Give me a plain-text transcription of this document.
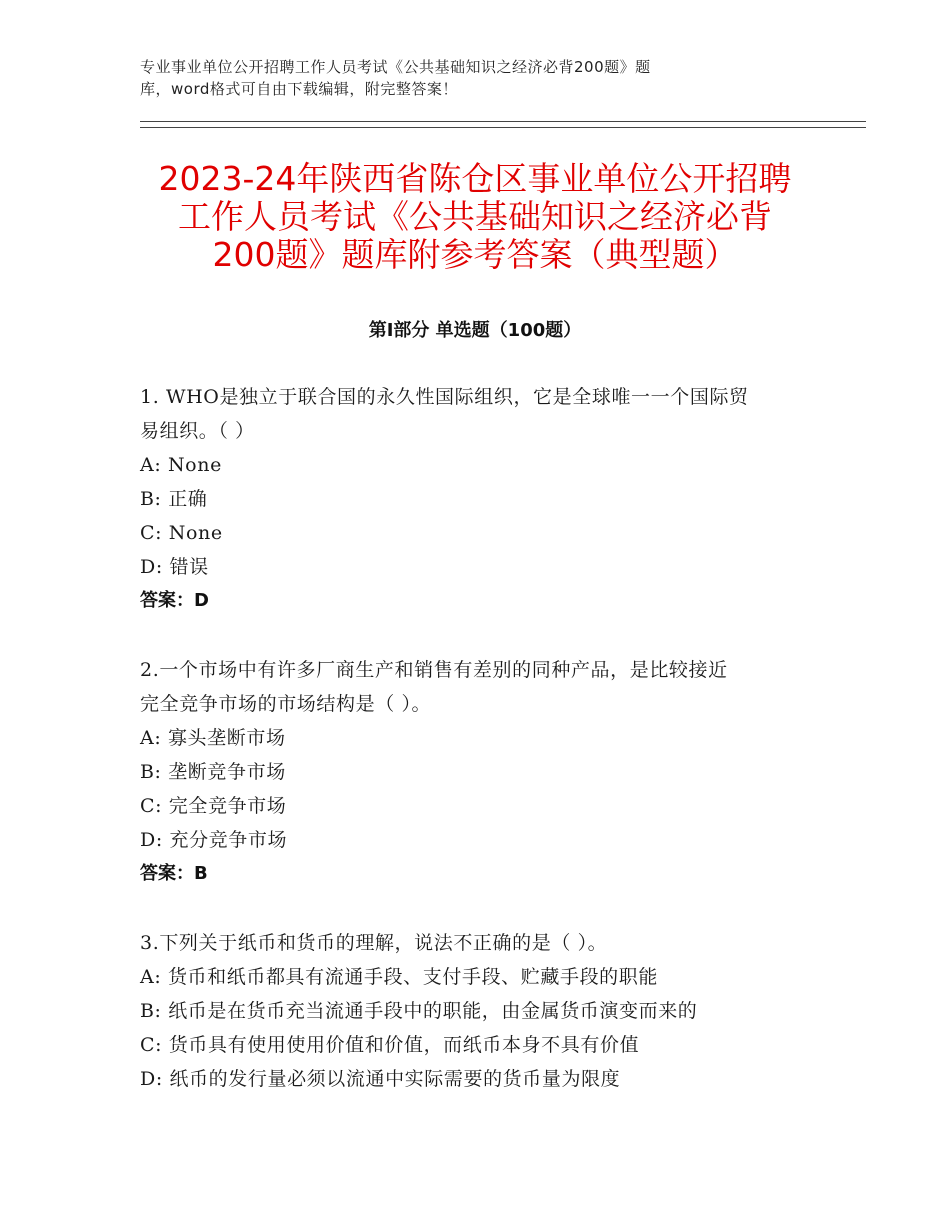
专业事业单位公开招聘工作人员考试《公共基础知识之经济必背200题》题
库，word格式可自由下载编辑，附完整答案！
2023-24年陕西省陈仓区事业单位公开招聘
工作人员考试《公共基础知识之经济必背
200题》题库附参考答案（典型题）
第Ⅰ部分 单选题（100题）
1. WHO是独立于联合国的永久性国际组织，它是全球唯一一个国际贸
易组织。（ ）
A: None
B: 正确
C: None
D: 错误
答案：D
2.一个市场中有许多厂商生产和销售有差别的同种产品，是比较接近
完全竞争市场的市场结构是（ ）。
A: 寡头垄断市场
B: 垄断竞争市场
C: 完全竞争市场
D: 充分竞争市场
答案：B
3.下列关于纸币和货币的理解，说法不正确的是（ ）。
A: 货币和纸币都具有流通手段、支付手段、贮藏手段的职能
B: 纸币是在货币充当流通手段中的职能，由金属货币演变而来的
C: 货币具有使用使用价值和价值，而纸币本身不具有价值
D: 纸币的发行量必须以流通中实际需要的货币量为限度
